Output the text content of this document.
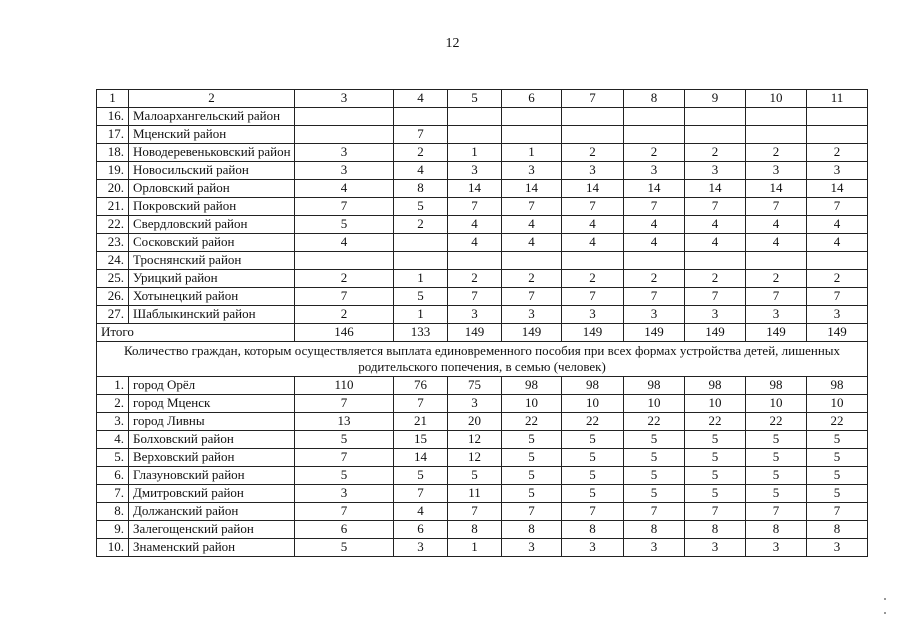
12
1	2	3	4	5	6	7	8	9	10	11
16.	Малоархангельский район									
17.	Мценский район		7							
18.	Новодеревеньковский район	3	2	1	1	2	2	2	2	2
19.	Новосильский район	3	4	3	3	3	3	3	3	3
20.	Орловский район	4	8	14	14	14	14	14	14	14
21.	Покровский район	7	5	7	7	7	7	7	7	7
22.	Свердловский район	5	2	4	4	4	4	4	4	4
23.	Сосковский район	4		4	4	4	4	4	4	4
24.	Троснянский район									
25.	Урицкий район	2	1	2	2	2	2	2	2	2
26.	Хотынецкий район	7	5	7	7	7	7	7	7	7
27.	Шаблыкинский район	2	1	3	3	3	3	3	3	3
Итого		146	133	149	149	149	149	149	149	149
Количество граждан, которым осуществляется выплата единовременного пособия при всех формах устройства детей, лишенных родительского попечения, в семью (человек)										
1.	город Орёл	110	76	75	98	98	98	98	98	98
2.	город Мценск	7	7	3	10	10	10	10	10	10
3.	город Ливны	13	21	20	22	22	22	22	22	22
4.	Болховский район	5	15	12	5	5	5	5	5	5
5.	Верховский район	7	14	12	5	5	5	5	5	5
6.	Глазуновский район	5	5	5	5	5	5	5	5	5
7.	Дмитровский район	3	7	11	5	5	5	5	5	5
8.	Должанский район	7	4	7	7	7	7	7	7	7
9.	Залегощенский район	6	6	8	8	8	8	8	8	8
10.	Знаменский район	5	3	1	3	3	3	3	3	3
